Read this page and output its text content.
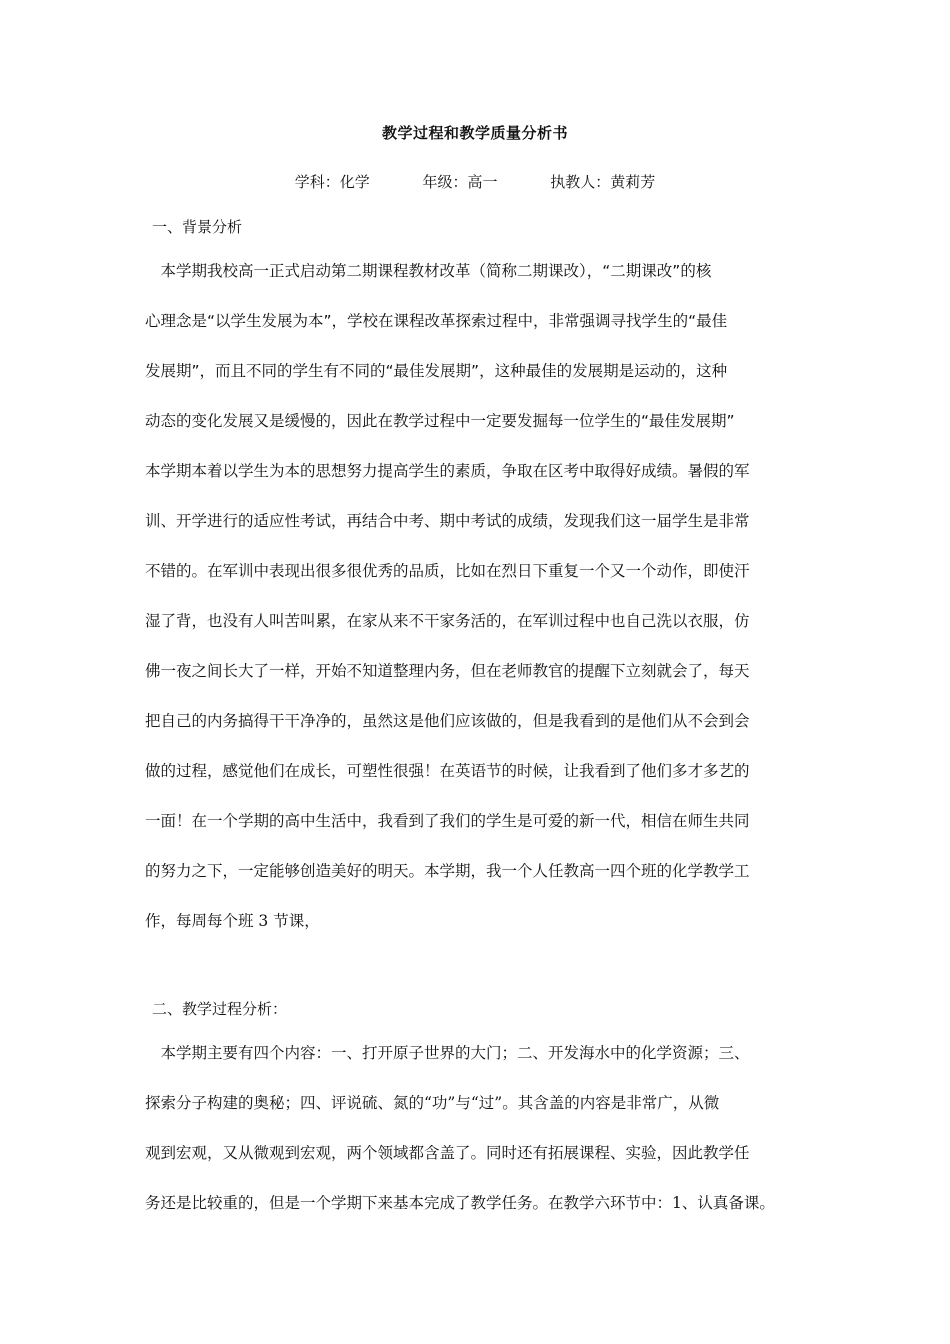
教学过程和教学质量分析书
学科：化学	年级：高一	执教人：黄莉芳
一、背景分析
　本学期我校高一正式启动第二期课程教材改革（简称二期课改），“二期课改”的核
心理念是“以学生发展为本”，学校在课程改革探索过程中，非常强调寻找学生的“最佳
发展期”，而且不同的学生有不同的“最佳发展期”，这种最佳的发展期是运动的，这种
动态的变化发展又是缓慢的，因此在教学过程中一定要发掘每一位学生的“最佳发展期”
本学期本着以学生为本的思想努力提高学生的素质，争取在区考中取得好成绩。暑假的军
训、开学进行的适应性考试，再结合中考、期中考试的成绩，发现我们这一届学生是非常
不错的。在军训中表现出很多很优秀的品质，比如在烈日下重复一个又一个动作，即使汗
湿了背，也没有人叫苦叫累，在家从来不干家务活的，在军训过程中也自己洗以衣服，仿
佛一夜之间长大了一样，开始不知道整理内务，但在老师教官的提醒下立刻就会了，每天
把自己的内务搞得干干净净的，虽然这是他们应该做的，但是我看到的是他们从不会到会
做的过程，感觉他们在成长，可塑性很强！在英语节的时候，让我看到了他们多才多艺的
一面！在一个学期的高中生活中，我看到了我们的学生是可爱的新一代，相信在师生共同
的努力之下，一定能够创造美好的明天。本学期，我一个人任教高一四个班的化学教学工
作，每周每个班 3 节课，
二、教学过程分析：
　本学期主要有四个内容：一、打开原子世界的大门；二、开发海水中的化学资源；三、
探索分子构建的奥秘；四、评说硫、氮的“功”与“过”。其含盖的内容是非常广，从微
观到宏观，又从微观到宏观，两个领域都含盖了。同时还有拓展课程、实验，因此教学任
务还是比较重的，但是一个学期下来基本完成了教学任务。在教学六环节中：1、认真备课。
